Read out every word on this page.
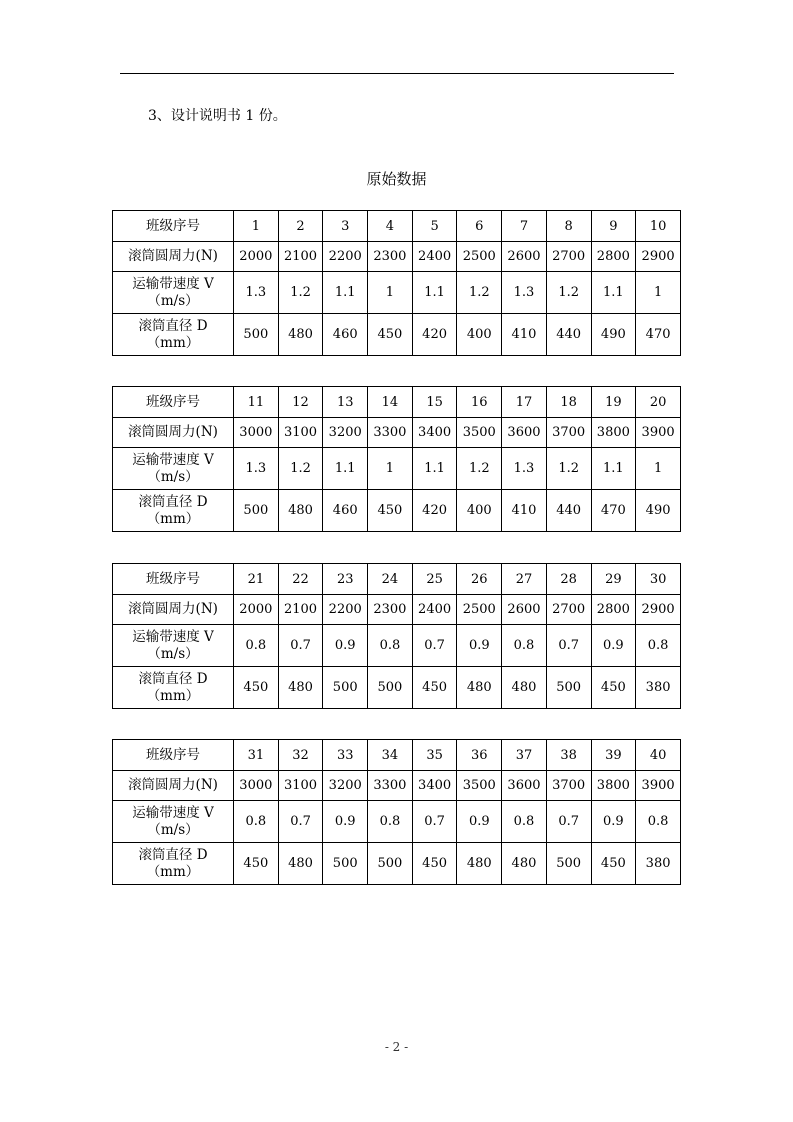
3、设计说明书 1 份。
原始数据
班级序号	1	2	3	4	5	6	7	8	9	10
滚筒圆周力(N)	2000	2100	2200	2300	2400	2500	2600	2700	2800	2900

运输带速度 V
（m/s）	1.3	1.2	1.1	1	1.1	1.2	1.3	1.2	1.1	1

滚筒直径 D
（mm）	500	480	460	450	420	400	410	440	490	470
班级序号	11	12	13	14	15	16	17	18	19	20
滚筒圆周力(N)	3000	3100	3200	3300	3400	3500	3600	3700	3800	3900

运输带速度 V
（m/s）	1.3	1.2	1.1	1	1.1	1.2	1.3	1.2	1.1	1

滚筒直径 D
（mm）	500	480	460	450	420	400	410	440	470	490
班级序号	21	22	23	24	25	26	27	28	29	30
滚筒圆周力(N)	2000	2100	2200	2300	2400	2500	2600	2700	2800	2900

运输带速度 V
（m/s）	0.8	0.7	0.9	0.8	0.7	0.9	0.8	0.7	0.9	0.8

滚筒直径 D
（mm）	450	480	500	500	450	480	480	500	450	380
班级序号	31	32	33	34	35	36	37	38	39	40
滚筒圆周力(N)	3000	3100	3200	3300	3400	3500	3600	3700	3800	3900

运输带速度 V
（m/s）	0.8	0.7	0.9	0.8	0.7	0.9	0.8	0.7	0.9	0.8

滚筒直径 D
（mm）	450	480	500	500	450	480	480	500	450	380
- 2 -
